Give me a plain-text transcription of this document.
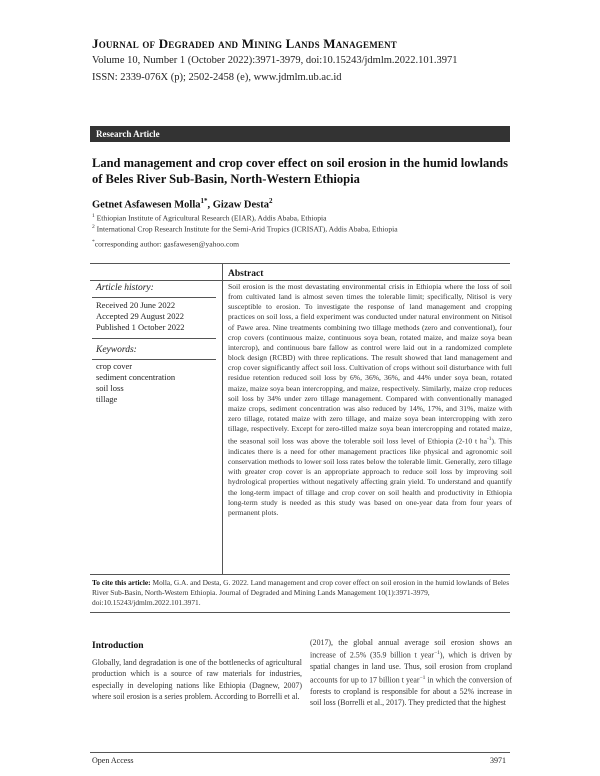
Journal of Degraded and Mining Lands Management
Volume 10, Number 1 (October 2022):3971-3979, doi:10.15243/jdmlm.2022.101.3971
ISSN: 2339-076X (p); 2502-2458 (e), www.jdmlm.ub.ac.id
Research Article
Land management and crop cover effect on soil erosion in the humid lowlands of Beles River Sub-Basin, North-Western Ethiopia
Getnet Asfawesen Molla$^{1*}$, Gizaw Desta$^2$
$^1$ Ethiopian Institute of Agricultural Research (EIAR), Addis Ababa, Ethiopia
$^2$ International Crop Research Institute for the Semi-Arid Tropics (ICRISAT), Addis Ababa, Ethiopia
*corresponding author: gasfawesen@yahoo.com
Abstract
Article history:
Received 20 June 2022
Accepted 29 August 2022
Published 1 October 2022
Keywords:
crop cover
sediment concentration
soil loss
tillage
Soil erosion is the most devastating environmental crisis in Ethiopia where the loss of soil from cultivated land is almost seven times the tolerable limit; specifically, Nitisol is very susceptible to erosion. To investigate the response of land management and cropping practices on soil loss, a field experiment was conducted under natural environment on Nitisol of Pawe area. Nine treatments combining two tillage methods (zero and conventional), four crop covers (continuous maize, continuous soya bean, rotated maize, and maize soya bean intercrop), and continuous bare fallow as control were laid out in a randomized complete block design (RCBD) with three replications. The result showed that land management and crop cover significantly affect soil loss. Cultivation of crops without soil disturbance with full residue retention reduced soil loss by 6%, 36%, 36%, and 44% under soya bean, rotated maize, maize soya bean intercropping, and maize, respectively. Similarly, maize crop reduces soil loss by 34% under zero tillage management. Compared with conventionally managed maize crops, sediment concentration was also reduced by 14%, 17%, and 31%, maize with zero tillage, rotated maize with zero tillage, and maize soya bean intercropping with zero tillage, respectively. Except for zero-tilled maize soya bean intercropping and rotated maize, the seasonal soil loss was above the tolerable soil loss level of Ethiopia (2-10 t $ha^{-1}$). This indicates there is a need for other management practices like physical and agronomic soil conservation methods to lower soil loss rates below the tolerable limit. Generally, zero tillage with greater crop cover is an appropriate approach to reduce soil loss by improving soil hydrological properties without negatively affecting grain yield. To understand and quantify the long-term impact of tillage and crop cover on soil health and productivity in Ethiopia long-term study is needed as this study was based on one-year data from four years of permanent plots.
To cite this article: Molla, G.A. and Desta, G. 2022. Land management and crop cover effect on soil erosion in the humid lowlands of Beles River Sub-Basin, North-Western Ethiopia. Journal of Degraded and Mining Lands Management 10(1):3971-3979, doi:10.15243/jdmlm.2022.101.3971.
Introduction
Globally, land degradation is one of the bottlenecks of agricultural production which is a source of raw materials for industries, especially in developing nations like Ethiopia (Dagnew, 2007) where soil erosion is a series problem. According to Borrelli et al.
(2017), the global annual average soil erosion shows an increase of 2.5% (35.9 billion t year$^{-1}$), which is driven by spatial changes in land use. Thus, soil erosion from cropland accounts for up to 17 billion t year$^{-1}$ in which the conversion of forests to cropland is responsible for about a 52% increase in soil loss (Borrelli et al., 2017). They predicted that the highest
Open Access	3971
